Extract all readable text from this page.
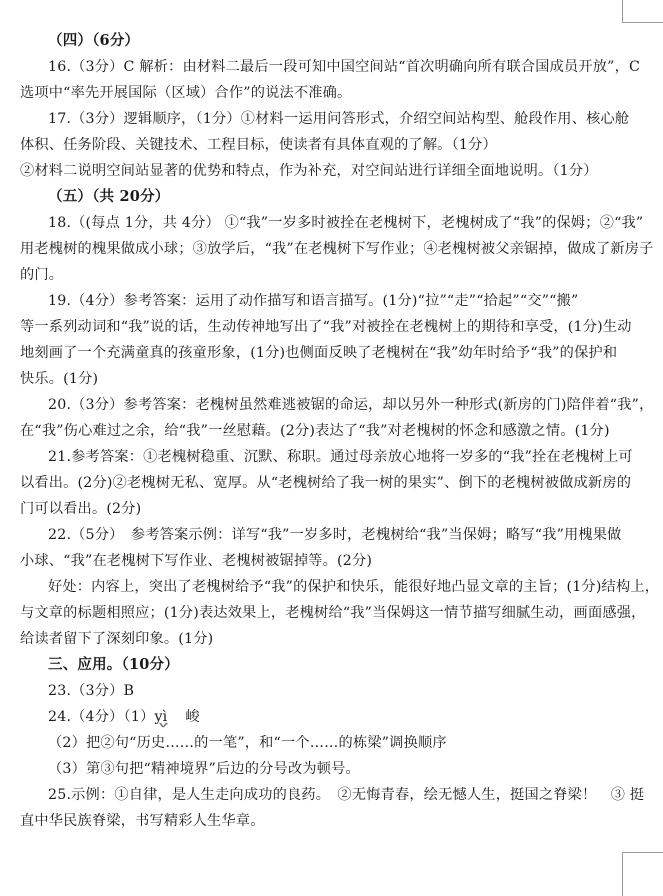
（四）（6分）
16.（3分）C 解析：由材料二最后一段可知中国空间站“首次明确向所有联合国成员开放”，C
选项中“率先开展国际（区域）合作”的说法不准确。
17.（3分）逻辑顺序，（1分）①材料一运用问答形式，介绍空间站构型、舱段作用、核心舱
体积、任务阶段、关键技术、工程目标，使读者有具体直观的了解。（1分）
②材料二说明空间站显著的优势和特点，作为补充，对空间站进行详细全面地说明。（1分）
（五）（共 20分）
18.（(每点 1分，共 4分） ①“我”一岁多时被拴在老槐树下，老槐树成了“我”的保姆；②“我”
用老槐树的槐果做成小球；③放学后，“我”在老槐树下写作业；④老槐树被父亲锯掉，做成了新房子
的门。
19.（4分）参考答案：运用了动作描写和语言描写。(1分)“拉”“走”“拾起”“交”“搬”
等一系列动词和“我”说的话，生动传神地写出了“我”对被拴在老槐树上的期待和享受，(1分)生动
地刻画了一个充满童真的孩童形象，(1分)也侧面反映了老槐树在“我”幼年时给予“我”的保护和
快乐。(1分)
20.（3分）参考答案：老槐树虽然难逃被锯的命运，却以另外一种形式(新房的门)陪伴着“我”，
在“我”伤心难过之余，给“我”一丝慰藉。(2分)表达了“我”对老槐树的怀念和感激之情。(1分)
21.参考答案：①老槐树稳重、沉默、称职。通过母亲放心地将一岁多的“我”拴在老槐树上可
以看出。(2分)②老槐树无私、宽厚。从“老槐树给了我一树的果实”、倒下的老槐树被做成新房的
门可以看出。(2分)
22.（5分）　参考答案示例：详写“我”一岁多时，老槐树给“我”当保姆；略写“我”用槐果做
小球、“我”在老槐树下写作业、老槐树被锯掉等。(2分)
好处：内容上，突出了老槐树给予“我”的保护和快乐，能很好地凸显文章的主旨；(1分)结构上，
与文章的标题相照应；(1分)表达效果上，老槐树给“我”当保姆这一情节描写细腻生动，画面感强，
给读者留下了深刻印象。(1分)
三、应用。（10分）
23.（3分）B
24.（4分）（1）yì 峻
（2）把②句“历史……的一笔”，和“一个……的栋梁”调换顺序
（3）第③句把“精神境界”后边的分号改为顿号。
25.示例：①自律，是人生走向成功的良药。　②无悔青春，绘无憾人生，挺国之脊梁！　③ 挺
直中华民族脊梁，书写精彩人生华章。
